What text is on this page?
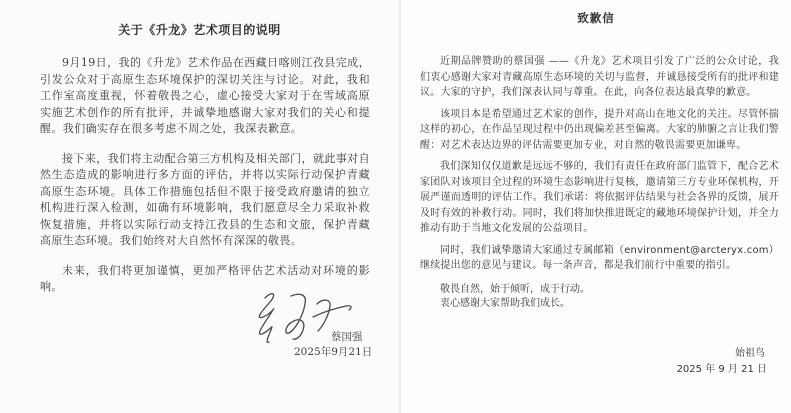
关于《升龙》艺术项目的说明

9月19日，我的《升龙》艺术作品在西藏日喀则江孜县完成，引发公众对于高原生态环境保护的深切关注与讨论。对此，我和工作室高度重视，怀着敬畏之心，虚心接受大家对于在雪域高原实施艺术创作的所有批评，并诚挚地感谢大家对我们的关心和提醒。我们确实存在很多考虑不周之处，我深表歉意。

接下来，我们将主动配合第三方机构及相关部门，就此事对自然生态造成的影响进行多方面的评估，并将以实际行动保护青藏高原生态环境。具体工作措施包括但不限于接受政府邀请的独立机构进行深入检测，如确有环境影响，我们愿意尽全力采取补救恢复措施，并将以实际行动支持江孜县的生态和文旅，保护青藏高原生态环境。我们始终对大自然怀有深深的敬畏。

未来，我们将更加谨慎，更加严格评估艺术活动对环境的影响。

蔡国强
2025年9月21日
致歉信

近期品牌赞助的蔡国强 ——《升龙》艺术项目引发了广泛的公众讨论，我们衷心感谢大家对青藏高原生态环境的关切与监督，并诚恳接受所有的批评和建议。大家的守护，我们深表认同与尊重。在此，向各位表达最真挚的歉意。

该项目本是希望通过艺术家的创作，提升对高山在地文化的关注。尽管怀揣这样的初心，在作品呈现过程中仍出现偏差甚至偏离。大家的肺腑之言让我们警醒：对艺术表达边界的评估需要更加专业，对自然的敬畏需要更加谦卑。

我们深知仅仅道歉是远远不够的，我们有责任在政府部门监管下，配合艺术家团队对该项目全过程的环境生态影响进行复核，邀请第三方专业环保机构，开展严谨而透明的评估工作。我们承诺：将依据评估结果与社会各界的反馈，展开及时有效的补救行动。同时，我们将加快推进既定的藏地环境保护计划，并全力推动有助于当地文化发展的公益项目。

同时，我们诚挚邀请大家通过专属邮箱（environment@arcteryx.com）继续提出您的意见与建议。每一条声音，都是我们前行中重要的指引。

敬畏自然，始于倾听，成于行动。

衷心感谢大家帮助我们成长。

始祖鸟
2025 年 9 月 21 日
